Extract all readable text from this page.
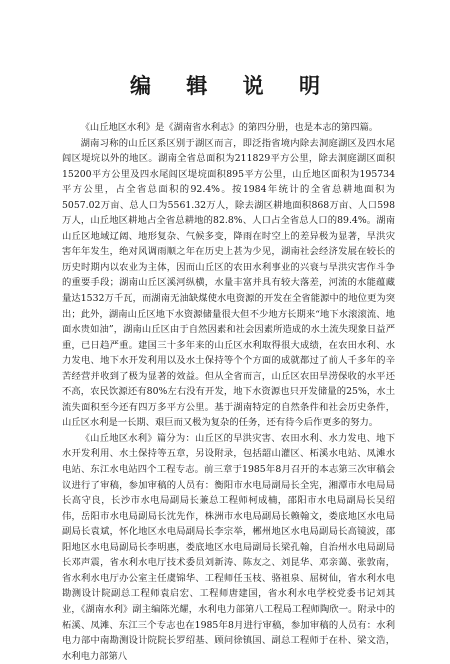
编 辑 说 明

《山丘地区水利》是《湖南省水利志》的第四分册，也是本志的第四篇。

湖南习称的山丘区系区别于湖区而言，即泛指省境内除去洞庭湖区及四水尾闾区堤垸以外的地区。湖南全省总面积为211829平方公里，除去洞庭湖区面积15200平方公里及四水尾闾区堤垸面积895平方公里，山丘地区面积为195734平方公里，占全省总面积的92.4%。按1984年统计的全省总耕地面积为5057.02万亩、总人口为5561.32万人，除去湖区耕地面积868万亩、人口598万人，山丘地区耕地占全省总耕地的82.8%、人口占全省总人口的89.4%。湖南山丘区地域辽阔、地形复杂、气候多变，降雨在时空上的差异极为显著，旱洪灾害年年发生，绝对风调雨顺之年在历史上甚为少见，湖南社会经济发展在较长的历史时期内以农业为主体，因而山丘区的农田水利事业的兴衰与旱洪灾害作斗争的重要手段；湖南山丘区溪河纵横，水量丰富并具有较大落差，河流的水能蕴藏量达1532万千瓦，而湖南无油缺煤使水电资源的开发在全省能源中的地位更为突出；此外，湖南山丘区地下水资源储量很大但不少地方长期来“地下水滚滚流、地面水贵如油”，湖南山丘区由于自然因素和社会因素所造成的水土流失现象日益严重，已日趋严重。建国三十多年来的山丘区水利取得很大成绩，在农田水利、水力发电、地下水开发利用以及水土保持等个个方面的成就都过了前人千多年的辛苦经营并收到了极为显著的效益。但从全省而言，山丘区农田旱涝保收的水平还不高，农民饮源还有80%左右没有开发，地下水资源也只开发储量的25%，水土流失面积至今还有四万多平方公里。基于湖南特定的自然条件和社会历史条件，山丘区水利是一长期、艰巨而又极为复杂的任务，还有待今后作更多的努力。

《山丘地区水利》篇分为：山丘区的早洪灾害、农田水利、水力发电、地下水开发利用、水土保持等五章，另设附录，包括韶山灌区、柘溪水电站、凤滩水电站、东江水电站四个工程专志。前三章于1985年8月召开的本志第三次审稿会议进行了审稿，参加审稿的人员有：衡阳市水电局副局长全宪，湘潭市水电局局长高守良，长沙市水电局副局长兼总工程师柯成楠，邵阳市水电局副局长吴绍伟，岳阳市水电局副局长沈先作，株洲市水电局副局长赖翰文，娄底地区水电局副局长袁斌，怀化地区水电局副局长李宗举，郴州地区水电局副局长高镜波，邵阳地区水电局副局长李明惠，娄底地区水电局副局长梁孔翰，自治州水电局副局长邓声震，省水利水电厅技术委员刘新涛、陈友之、刘昆华、邓亲蔼、张敦南，省水利水电厅办公室主任虞锦华、工程师任玉枝、骆祖泉、屈树仙，省水利水电勘测设计院副总工程师袁启宏、工程师唐建国，省水利水电学校党委书记刘其业，《湖南水利》副主编陈光耀，水利电力部第八工程局工程师陶欣一。附录中的柘溪、凤滩、东江三个专志也在1985年8月进行审稿，参加审稿的人员有：水利电力部中南勘测设计院院长罗绍基、顾问徐镇国、副总工程师于在朴、梁文浩，水利电力部第八
